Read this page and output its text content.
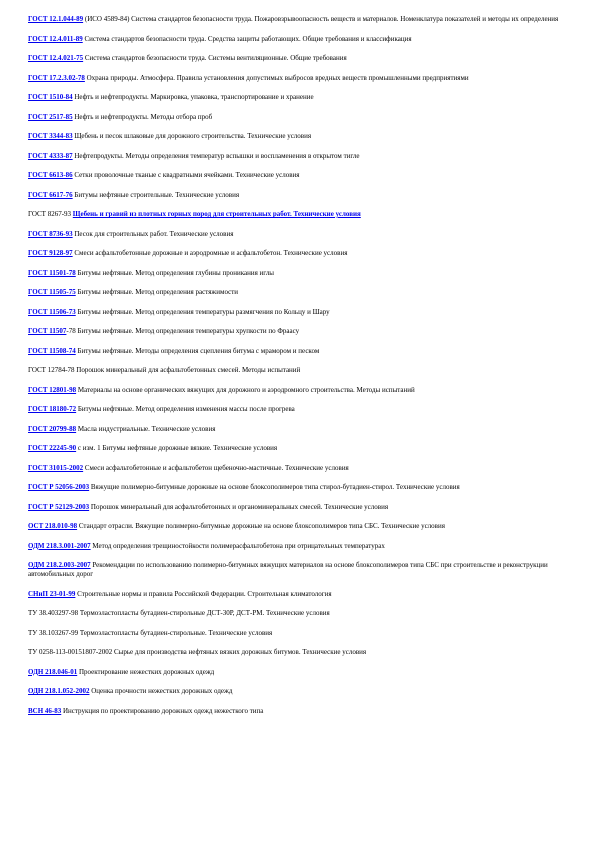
ГОСТ 12.1.044-89 (ИСО 4589-84) Система стандартов безопасности труда. Пожаровзрывоопасность веществ и материалов. Номенклатура показателей и методы их определения
ГОСТ 12.4.011-89 Система стандартов безопасности труда. Средства защиты работающих. Общие требования и классификация
ГОСТ 12.4.021-75 Система стандартов безопасности труда. Системы вентиляционные. Общие требования
ГОСТ 17.2.3.02-78 Охрана природы. Атмосфера. Правила установления допустимых выбросов вредных веществ промышленными предприятиями
ГОСТ 1510-84 Нефть и нефтепродукты. Маркировка, упаковка, транспортирование и хранение
ГОСТ 2517-85 Нефть и нефтепродукты. Методы отбора проб
ГОСТ 3344-83 Щебень и песок шлаковые для дорожного строительства. Технические условия
ГОСТ 4333-87 Нефтепродукты. Методы определения температур вспышки и воспламенения в открытом тигле
ГОСТ 6613-86 Сетки проволочные тканые с квадратными ячейками. Технические условия
ГОСТ 6617-76 Битумы нефтяные строительные. Технические условия
ГОСТ 8267-93 Щебень и гравий из плотных горных пород для строительных работ. Технические условия
ГОСТ 8736-93 Песок для строительных работ. Технические условия
ГОСТ 9128-97 Смеси асфальтобетонные дорожные и аэродромные и асфальтобетон. Технические условия
ГОСТ 11501-78 Битумы нефтяные. Метод определения глубины проникания иглы
ГОСТ 11505-75 Битумы нефтяные. Метод определения растяжимости
ГОСТ 11506-73 Битумы нефтяные. Метод определения температуры размягчения по Кольцу и Шару
ГОСТ 11507-78 Битумы нефтяные. Метод определения температуры хрупкости по Фраасу
ГОСТ 11508-74 Битумы нефтяные. Методы определения сцепления битума с мрамором и песком
ГОСТ 12784-78 Порошок минеральный для асфальтобетонных смесей. Методы испытаний
ГОСТ 12801-98 Материалы на основе органических вяжущих для дорожного и аэродромного строительства. Методы испытаний
ГОСТ 18180-72 Битумы нефтяные. Метод определения изменения массы после прогрева
ГОСТ 20799-88 Масла индустриальные. Технические условия
ГОСТ 22245-90 с изм. 1 Битумы нефтяные дорожные вязкие. Технические условия
ГОСТ 31015-2002 Смеси асфальтобетонные и асфальтобетон щебеночно-мастичные. Технические условия
ГОСТ Р 52056-2003 Вяжущие полимерно-битумные дорожные на основе блоксополимеров типа стирол-бутадиен-стирол. Технические условия
ГОСТ Р 52129-2003 Порошок минеральный для асфальтобетонных и органоминеральных смесей. Технические условия
ОСТ 218.010-98 Стандарт отрасли. Вяжущие полимерно-битумные дорожные на основе блоксополимеров типа СБС. Технические условия
ОДМ 218.3.001-2007 Метод определения трещиностойкости полимерасфальтобетона при отрицательных температурах
ОДМ 218.2.003-2007 Рекомендации по использованию полимерно-битумных вяжущих материалов на основе блоксополимеров типа СБС при строительстве и реконструкции автомобильных дорог
СНиП 23-01-99 Строительные нормы и правила Российской Федерации. Строительная климатология
ТУ 38.403297-98 Термоэластопласты бутадиен-стирольные ДСТ-30Р, ДСТ-РМ. Технические условия
ТУ 38.103267-99 Термоэластопласты бутадиен-стирольные. Технические условия
ТУ 0258-113-00151807-2002 Сырье для производства нефтяных вязких дорожных битумов. Технические условия
ОДН 218.046-01 Проектирование нежестких дорожных одежд
ОДН 218.1.052-2002 Оценка прочности нежестких дорожных одежд
ВСН 46-83 Инструкция по проектированию дорожных одежд нежесткого типа
